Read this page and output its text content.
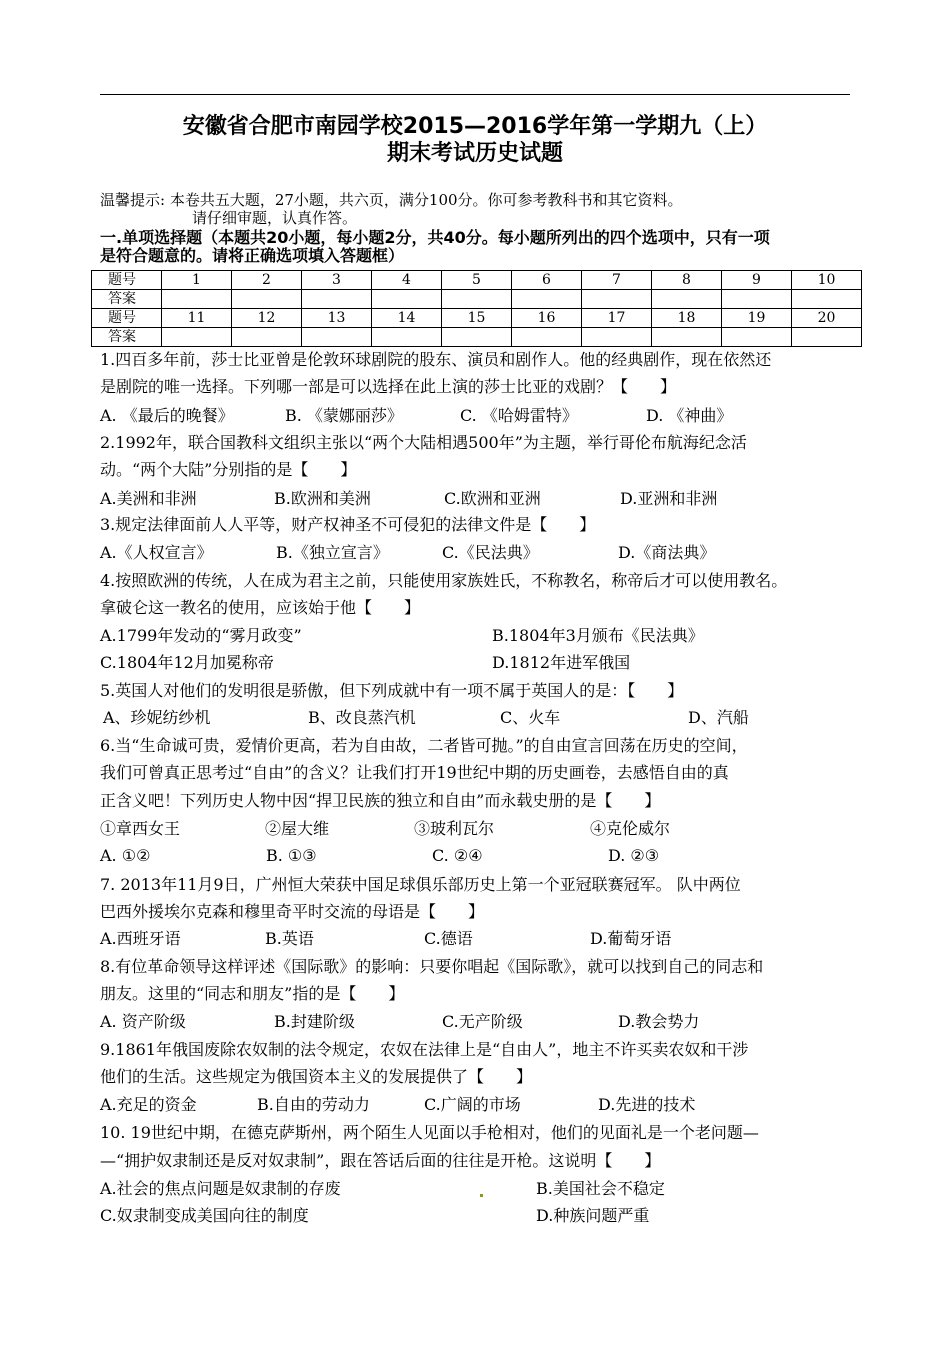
安徽省合肥市南园学校2015—2016学年第一学期九（上）
期末考试历史试题
温馨提示: 本卷共五大题，27小题，共六页，满分100分。你可参考教科书和其它资料。
请仔细审题，认真作答。
一.单项选择题（本题共20小题，每小题2分，共40分。每小题所列出的四个选项中，只有一项
是符合题意的。请将正确选项填入答题框）
题号	1	2	3	4	5	6	7	8	9	10
答案										
题号	11	12	13	14	15	16	17	18	19	20
答案										
1.四百多年前，莎士比亚曾是伦敦环球剧院的股东、演员和剧作人。他的经典剧作，现在依然还
是剧院的唯一选择。下列哪一部是可以选择在此上演的莎士比亚的戏剧？【　　】
A. 《最后的晚餐》	B. 《蒙娜丽莎》	C. 《哈姆雷特》	D. 《神曲》
2.1992年，联合国教科文组织主张以“两个大陆相遇500年”为主题，举行哥伦布航海纪念活
动。“两个大陆”分别指的是【　　】
A.美洲和非洲	B.欧洲和美洲	C.欧洲和亚洲	D.亚洲和非洲
3.规定法律面前人人平等，财产权神圣不可侵犯的法律文件是【　　】
A.《人权宣言》	B.《独立宣言》	C.《民法典》	D.《商法典》
4.按照欧洲的传统，人在成为君主之前，只能使用家族姓氏，不称教名，称帝后才可以使用教名。
拿破仑这一教名的使用，应该始于他【　　】
A.1799年发动的“雾月政变”	B.1804年3月颁布《民法典》
C.1804年12月加冕称帝	D.1812年进军俄国
5.英国人对他们的发明很是骄傲，但下列成就中有一项不属于英国人的是：【　　】
A、珍妮纺纱机	B、改良蒸汽机	C、火车	D、汽船
6.当“生命诚可贵，爱情价更高，若为自由故，二者皆可抛。”的自由宣言回荡在历史的空间，
我们可曾真正思考过“自由”的含义？让我们打开19世纪中期的历史画卷，去感悟自由的真
正含义吧！下列历史人物中因“捍卫民族的独立和自由”而永载史册的是【　　】
①章西女王	②屋大维	③玻利瓦尔	④克伦威尔
A. ①②	B. ①③	C. ②④	D. ②③
7. 2013年11月9日，广州恒大荣获中国足球俱乐部历史上第一个亚冠联赛冠军。 队中两位
巴西外援埃尔克森和穆里奇平时交流的母语是【　　】
A.西班牙语	B.英语	C.德语	D.葡萄牙语
8.有位革命领导这样评述《国际歌》的影响：只要你唱起《国际歌》，就可以找到自己的同志和
朋友。这里的“同志和朋友”指的是【　　】
A. 资产阶级	B.封建阶级	C.无产阶级	D.教会势力
9.1861年俄国废除农奴制的法令规定，农奴在法律上是“自由人”，地主不许买卖农奴和干涉
他们的生活。这些规定为俄国资本主义的发展提供了【　　】
A.充足的资金	B.自由的劳动力	C.广阔的市场	D.先进的技术
10. 19世纪中期，在德克萨斯州，两个陌生人见面以手枪相对，他们的见面礼是一个老问题—
—“拥护奴隶制还是反对奴隶制”，跟在答话后面的往往是开枪。这说明【　　】
A.社会的焦点问题是奴隶制的存废	B.美国社会不稳定
C.奴隶制变成美国向往的制度	D.种族问题严重
